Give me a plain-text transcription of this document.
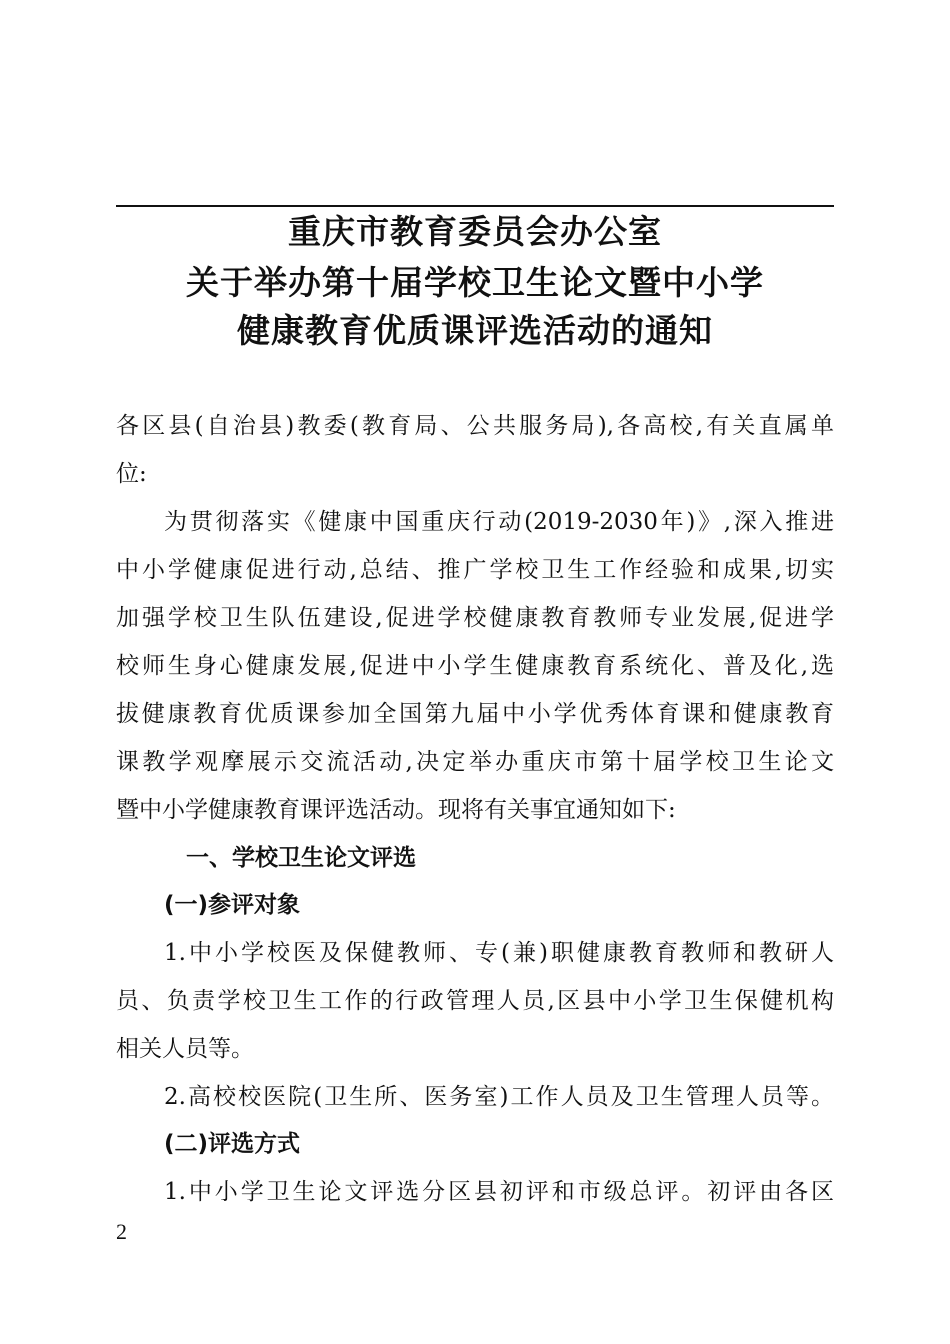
重庆市教育委员会办公室
关于举办第十届学校卫生论文暨中小学
健康教育优质课评选活动的通知
各区县(自治县)教委(教育局、公共服务局),各高校,有关直属单
位:
为贯彻落实《健康中国重庆行动(2019-2030年)》,深入推进
中小学健康促进行动,总结、推广学校卫生工作经验和成果,切实
加强学校卫生队伍建设,促进学校健康教育教师专业发展,促进学
校师生身心健康发展,促进中小学生健康教育系统化、普及化,选
拔健康教育优质课参加全国第九届中小学优秀体育课和健康教育
课教学观摩展示交流活动,决定举办重庆市第十届学校卫生论文
暨中小学健康教育课评选活动。现将有关事宜通知如下:
一、学校卫生论文评选
(一)参评对象
1.中小学校医及保健教师、专(兼)职健康教育教师和教研人
员、负责学校卫生工作的行政管理人员,区县中小学卫生保健机构
相关人员等。
2.高校校医院(卫生所、医务室)工作人员及卫生管理人员等。
(二)评选方式
1.中小学卫生论文评选分区县初评和市级总评。初评由各区
2
